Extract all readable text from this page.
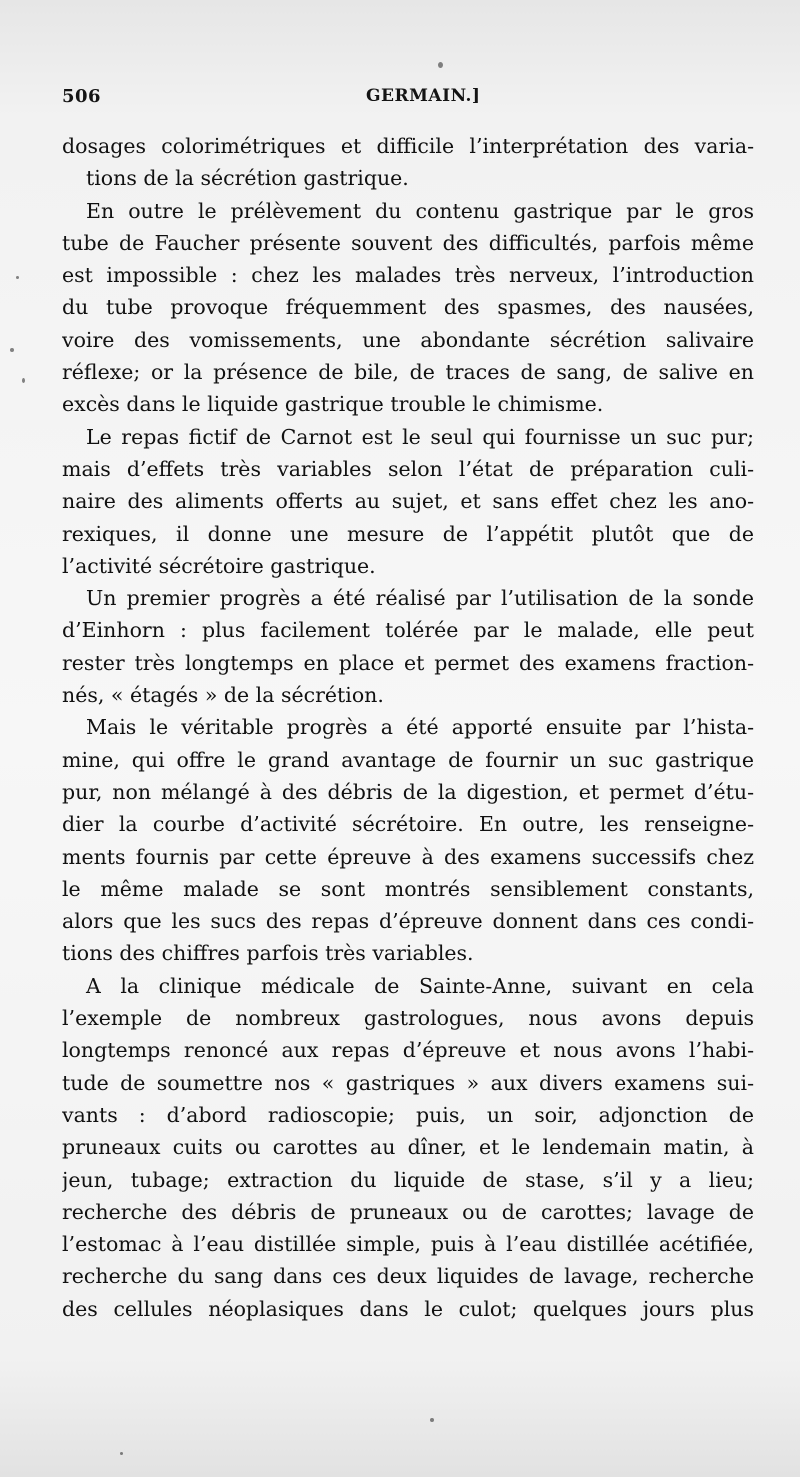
506	GERMAIN.]
dosages colorimétriques et difficile l’interprétation des varia-
tions de la sécrétion gastrique.
En outre le prélèvement du contenu gastrique par le gros
tube de Faucher présente souvent des difficultés, parfois même
est impossible : chez les malades très nerveux, l’introduction
du tube provoque fréquemment des spasmes, des nausées,
voire des vomissements, une abondante sécrétion salivaire
réflexe; or la présence de bile, de traces de sang, de salive en
excès dans le liquide gastrique trouble le chimisme.
Le repas fictif de Carnot est le seul qui fournisse un suc pur;
mais d’effets très variables selon l’état de préparation culi-
naire des aliments offerts au sujet, et sans effet chez les ano-
rexiques, il donne une mesure de l’appétit plutôt que de
l’activité sécrétoire gastrique.
Un premier progrès a été réalisé par l’utilisation de la sonde
d’Einhorn : plus facilement tolérée par le malade, elle peut
rester très longtemps en place et permet des examens fraction-
nés, « étagés » de la sécrétion.
Mais le véritable progrès a été apporté ensuite par l’hista-
mine, qui offre le grand avantage de fournir un suc gastrique
pur, non mélangé à des débris de la digestion, et permet d’étu-
dier la courbe d’activité sécrétoire. En outre, les renseigne-
ments fournis par cette épreuve à des examens successifs chez
le même malade se sont montrés sensiblement constants,
alors que les sucs des repas d’épreuve donnent dans ces condi-
tions des chiffres parfois très variables.
A la clinique médicale de Sainte-Anne, suivant en cela
l’exemple de nombreux gastrologues, nous avons depuis
longtemps renoncé aux repas d’épreuve et nous avons l’habi-
tude de soumettre nos « gastriques » aux divers examens sui-
vants : d’abord radioscopie; puis, un soir, adjonction de
pruneaux cuits ou carottes au dîner, et le lendemain matin, à
jeun, tubage; extraction du liquide de stase, s’il y a lieu;
recherche des débris de pruneaux ou de carottes; lavage de
l’estomac à l’eau distillée simple, puis à l’eau distillée acétifiée,
recherche du sang dans ces deux liquides de lavage, recherche
des cellules néoplasiques dans le culot; quelques jours plus
